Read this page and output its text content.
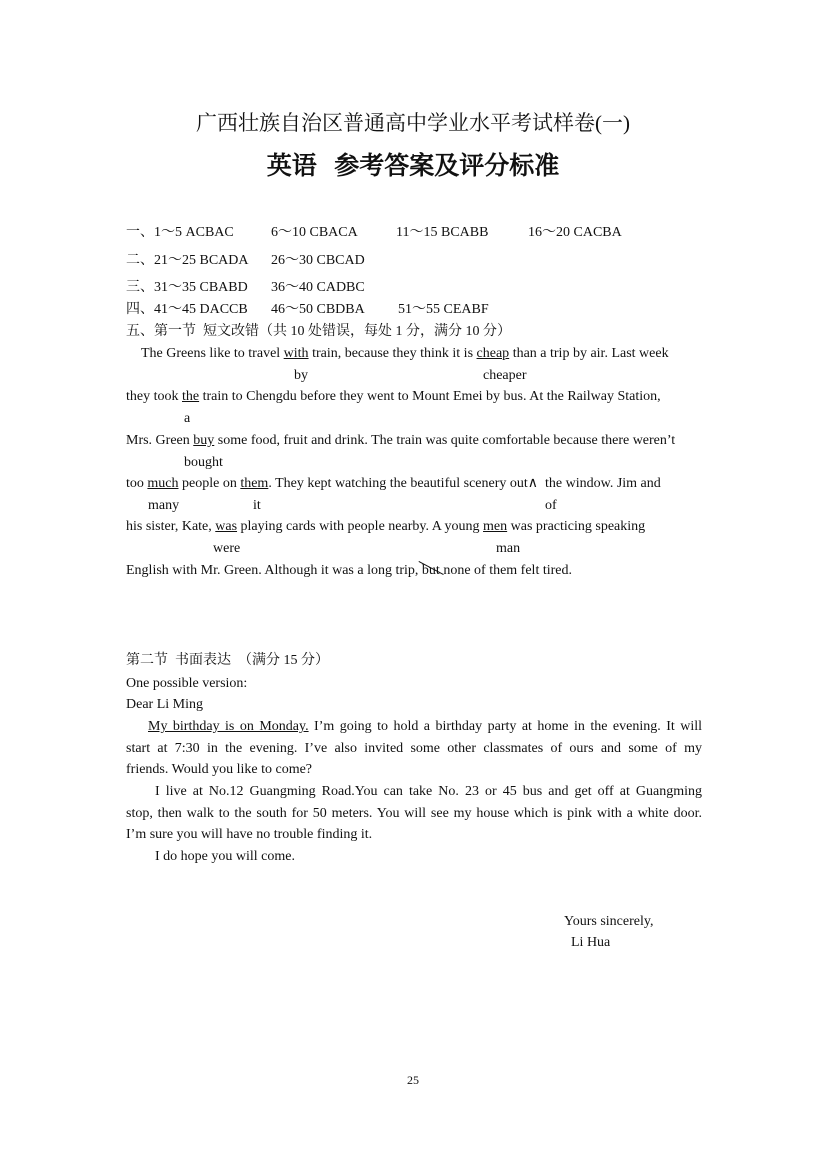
广西壮族自治区普通高中学业水平考试样卷(一)
英语  参考答案及评分标准
一、1～5 ACBAC	6～10 CBACA	11～15 BCABB	16～20 CACBA
二、21～25 BCADA 26～30 CBCAD
三、31～35 CBABD 36～40 CADBC
四、41～45 DACCB 46～50 CBDBA 51～55 CEABF
五、第一节  短文改错（共 10 处错误，每处 1 分，满分 10 分）
The Greens like to travel with train, because they think it is cheap than a trip by air. Last week
by	cheaper
they took the train to Chengdu before they went to Mount Emei by bus. At the Railway Station,
a
Mrs. Green buy some food, fruit and drink. The train was quite comfortable because there weren’t
bought
too much people on them. They kept watching the beautiful scenery out∧  the window. Jim and
many	it	of
his sister, Kate, was playing cards with people nearby. A young men was practicing speaking
were	man
English with Mr. Green. Although it was a long trip, but none of them felt tired.
第二节  书面表达  （满分 15 分）
One possible version:
Dear Li Ming
My birthday is on Monday. I’m going to hold a birthday party at home in the evening. It will
start at 7:30 in the evening. I’ve also invited some other classmates of ours and some of my
friends. Would you like to come?
I live at No.12 Guangming Road.You can take No. 23 or 45 bus and get off at Guangming
stop, then walk to the south for 50 meters. You will see my house which is pink with a white door.
I’m sure you will have no trouble finding it.
I do hope you will come.
Yours sincerely,
Li Hua
25
